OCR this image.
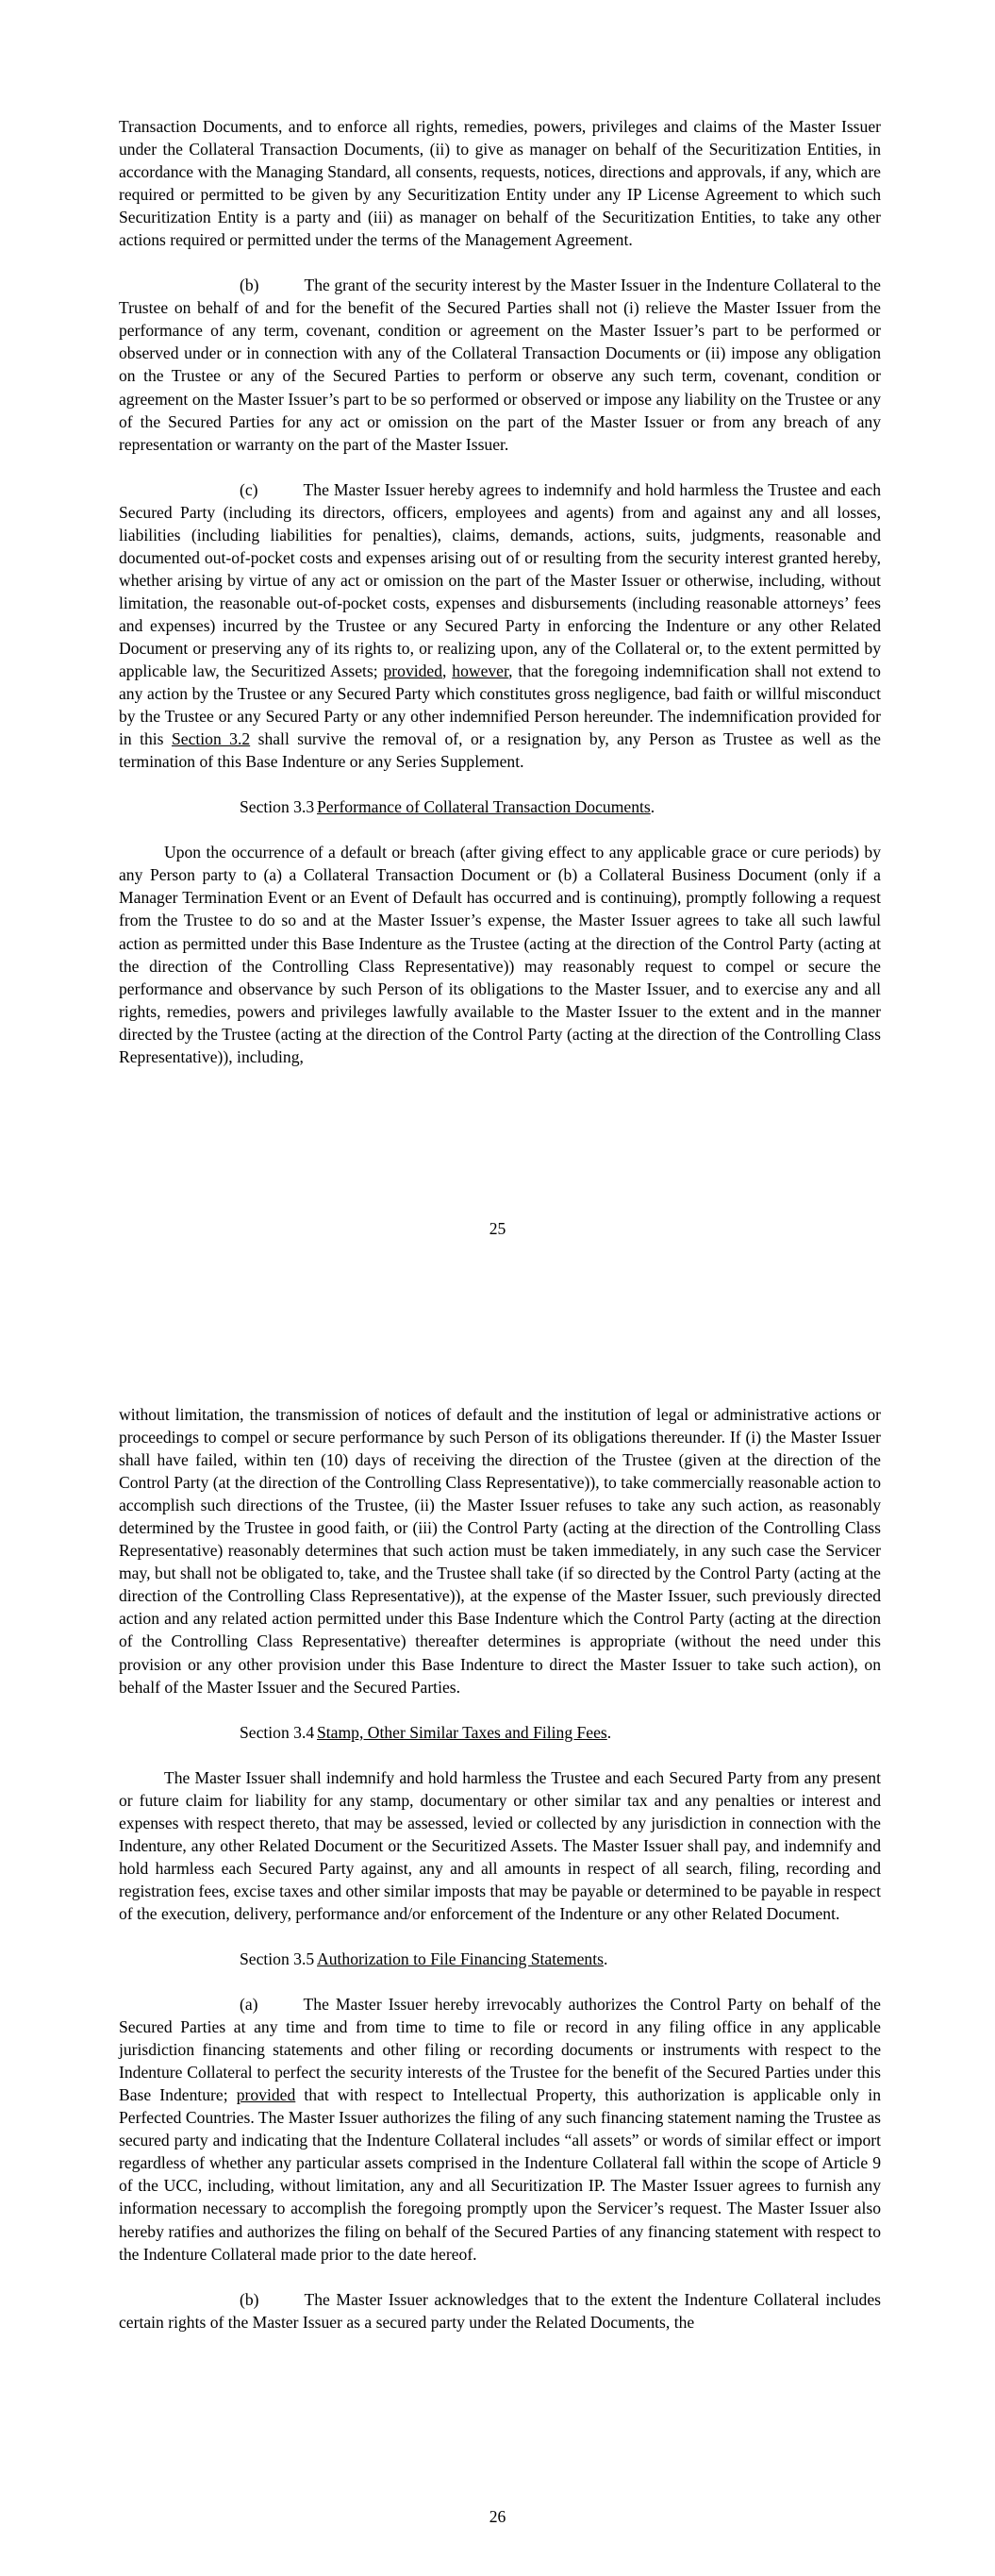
Transaction Documents, and to enforce all rights, remedies, powers, privileges and claims of the Master Issuer under the Collateral Transaction Documents, (ii) to give as manager on behalf of the Securitization Entities, in accordance with the Managing Standard, all consents, requests, notices, directions and approvals, if any, which are required or permitted to be given by any Securitization Entity under any IP License Agreement to which such Securitization Entity is a party and (iii) as manager on behalf of the Securitization Entities, to take any other actions required or permitted under the terms of the Management Agreement.

(b)	The grant of the security interest by the Master Issuer in the Indenture Collateral to the Trustee on behalf of and for the benefit of the Secured Parties shall not (i) relieve the Master Issuer from the performance of any term, covenant, condition or agreement on the Master Issuer’s part to be performed or observed under or in connection with any of the Collateral Transaction Documents or (ii) impose any obligation on the Trustee or any of the Secured Parties to perform or observe any such term, covenant, condition or agreement on the Master Issuer’s part to be so performed or observed or impose any liability on the Trustee or any of the Secured Parties for any act or omission on the part of the Master Issuer or from any breach of any representation or warranty on the part of the Master Issuer.

(c)	The Master Issuer hereby agrees to indemnify and hold harmless the Trustee and each Secured Party (including its directors, officers, employees and agents) from and against any and all losses, liabilities (including liabilities for penalties), claims, demands, actions, suits, judgments, reasonable and documented out-of-pocket costs and expenses arising out of or resulting from the security interest granted hereby, whether arising by virtue of any act or omission on the part of the Master Issuer or otherwise, including, without limitation, the reasonable out-of-pocket costs, expenses and disbursements (including reasonable attorneys’ fees and expenses) incurred by the Trustee or any Secured Party in enforcing the Indenture or any other Related Document or preserving any of its rights to, or realizing upon, any of the Collateral or, to the extent permitted by applicable law, the Securitized Assets; provided, however, that the foregoing indemnification shall not extend to any action by the Trustee or any Secured Party which constitutes gross negligence, bad faith or willful misconduct by the Trustee or any Secured Party or any other indemnified Person hereunder. The indemnification provided for in this Section 3.2 shall survive the removal of, or a resignation by, any Person as Trustee as well as the termination of this Base Indenture or any Series Supplement.

Section 3.3 Performance of Collateral Transaction Documents.

Upon the occurrence of a default or breach (after giving effect to any applicable grace or cure periods) by any Person party to (a) a Collateral Transaction Document or (b) a Collateral Business Document (only if a Manager Termination Event or an Event of Default has occurred and is continuing), promptly following a request from the Trustee to do so and at the Master Issuer’s expense, the Master Issuer agrees to take all such lawful action as permitted under this Base Indenture as the Trustee (acting at the direction of the Control Party (acting at the direction of the Controlling Class Representative)) may reasonably request to compel or secure the performance and observance by such Person of its obligations to the Master Issuer, and to exercise any and all rights, remedies, powers and privileges lawfully available to the Master Issuer to the extent and in the manner directed by the Trustee (acting at the direction of the Control Party (acting at the direction of the Controlling Class Representative)), including,

25

without limitation, the transmission of notices of default and the institution of legal or administrative actions or proceedings to compel or secure performance by such Person of its obligations thereunder. If (i) the Master Issuer shall have failed, within ten (10) days of receiving the direction of the Trustee (given at the direction of the Control Party (at the direction of the Controlling Class Representative)), to take commercially reasonable action to accomplish such directions of the Trustee, (ii) the Master Issuer refuses to take any such action, as reasonably determined by the Trustee in good faith, or (iii) the Control Party (acting at the direction of the Controlling Class Representative) reasonably determines that such action must be taken immediately, in any such case the Servicer may, but shall not be obligated to, take, and the Trustee shall take (if so directed by the Control Party (acting at the direction of the Controlling Class Representative)), at the expense of the Master Issuer, such previously directed action and any related action permitted under this Base Indenture which the Control Party (acting at the direction of the Controlling Class Representative) thereafter determines is appropriate (without the need under this provision or any other provision under this Base Indenture to direct the Master Issuer to take such action), on behalf of the Master Issuer and the Secured Parties.

Section 3.4 Stamp, Other Similar Taxes and Filing Fees.

The Master Issuer shall indemnify and hold harmless the Trustee and each Secured Party from any present or future claim for liability for any stamp, documentary or other similar tax and any penalties or interest and expenses with respect thereto, that may be assessed, levied or collected by any jurisdiction in connection with the Indenture, any other Related Document or the Securitized Assets. The Master Issuer shall pay, and indemnify and hold harmless each Secured Party against, any and all amounts in respect of all search, filing, recording and registration fees, excise taxes and other similar imposts that may be payable or determined to be payable in respect of the execution, delivery, performance and/or enforcement of the Indenture or any other Related Document.

Section 3.5 Authorization to File Financing Statements.

(a)	The Master Issuer hereby irrevocably authorizes the Control Party on behalf of the Secured Parties at any time and from time to time to file or record in any filing office in any applicable jurisdiction financing statements and other filing or recording documents or instruments with respect to the Indenture Collateral to perfect the security interests of the Trustee for the benefit of the Secured Parties under this Base Indenture; provided that with respect to Intellectual Property, this authorization is applicable only in Perfected Countries. The Master Issuer authorizes the filing of any such financing statement naming the Trustee as secured party and indicating that the Indenture Collateral includes “all assets” or words of similar effect or import regardless of whether any particular assets comprised in the Indenture Collateral fall within the scope of Article 9 of the UCC, including, without limitation, any and all Securitization IP. The Master Issuer agrees to furnish any information necessary to accomplish the foregoing promptly upon the Servicer’s request. The Master Issuer also hereby ratifies and authorizes the filing on behalf of the Secured Parties of any financing statement with respect to the Indenture Collateral made prior to the date hereof.

(b)	The Master Issuer acknowledges that to the extent the Indenture Collateral includes certain rights of the Master Issuer as a secured party under the Related Documents, the

26
